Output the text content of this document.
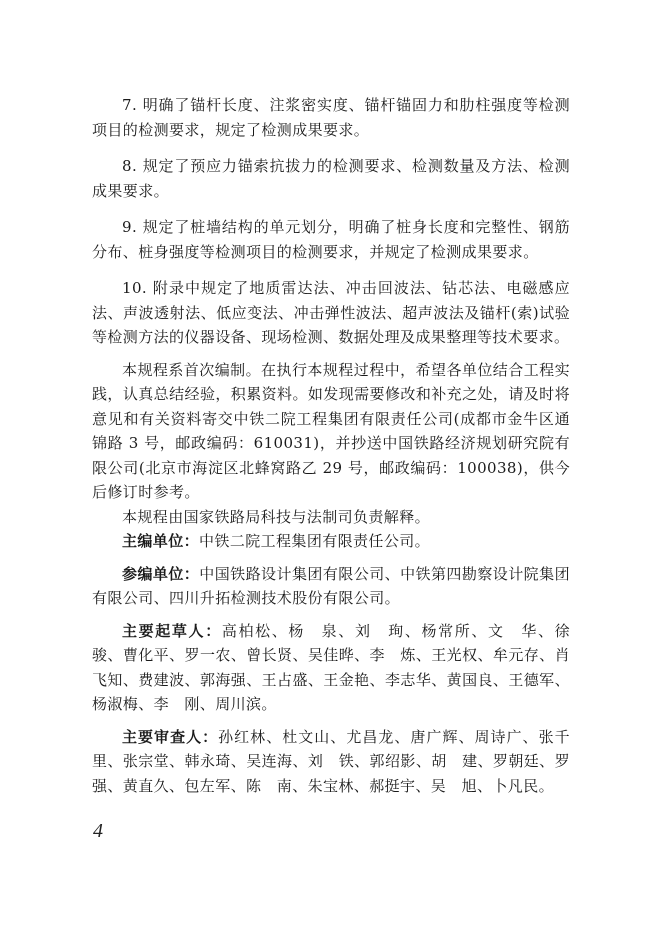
7. 明确了锚杆长度、注浆密实度、锚杆锚固力和肋柱强度等检测项目的检测要求，规定了检测成果要求。

8. 规定了预应力锚索抗拔力的检测要求、检测数量及方法、检测成果要求。

9. 规定了桩墙结构的单元划分，明确了桩身长度和完整性、钢筋分布、桩身强度等检测项目的检测要求，并规定了检测成果要求。

10. 附录中规定了地质雷达法、冲击回波法、钻芯法、电磁感应法、声波透射法、低应变法、冲击弹性波法、超声波法及锚杆(索)试验等检测方法的仪器设备、现场检测、数据处理及成果整理等技术要求。

本规程系首次编制。在执行本规程过程中，希望各单位结合工程实践，认真总结经验，积累资料。如发现需要修改和补充之处，请及时将意见和有关资料寄交中铁二院工程集团有限责任公司(成都市金牛区通锦路 3 号，邮政编码：610031)，并抄送中国铁路经济规划研究院有限公司(北京市海淀区北蜂窝路乙 29 号，邮政编码：100038)，供今后修订时参考。

本规程由国家铁路局科技与法制司负责解释。

主编单位：中铁二院工程集团有限责任公司。

参编单位：中国铁路设计集团有限公司、中铁第四勘察设计院集团有限公司、四川升拓检测技术股份有限公司。

主要起草人：高柏松、杨　泉、刘　珣、杨常所、文　华、徐　骏、曹化平、罗一农、曾长贤、吴佳晔、李　炼、王光权、牟元存、肖飞知、费建波、郭海强、王占盛、王金艳、李志华、黄国良、王德军、杨淑梅、李　刚、周川滨。

主要审查人：孙红林、杜文山、尤昌龙、唐广辉、周诗广、张千里、张宗堂、韩永琦、吴连海、刘　铁、郭绍影、胡　建、罗朝廷、罗　强、黄直久、包左军、陈　南、朱宝林、郝挺宇、吴　旭、卜凡民。

4
